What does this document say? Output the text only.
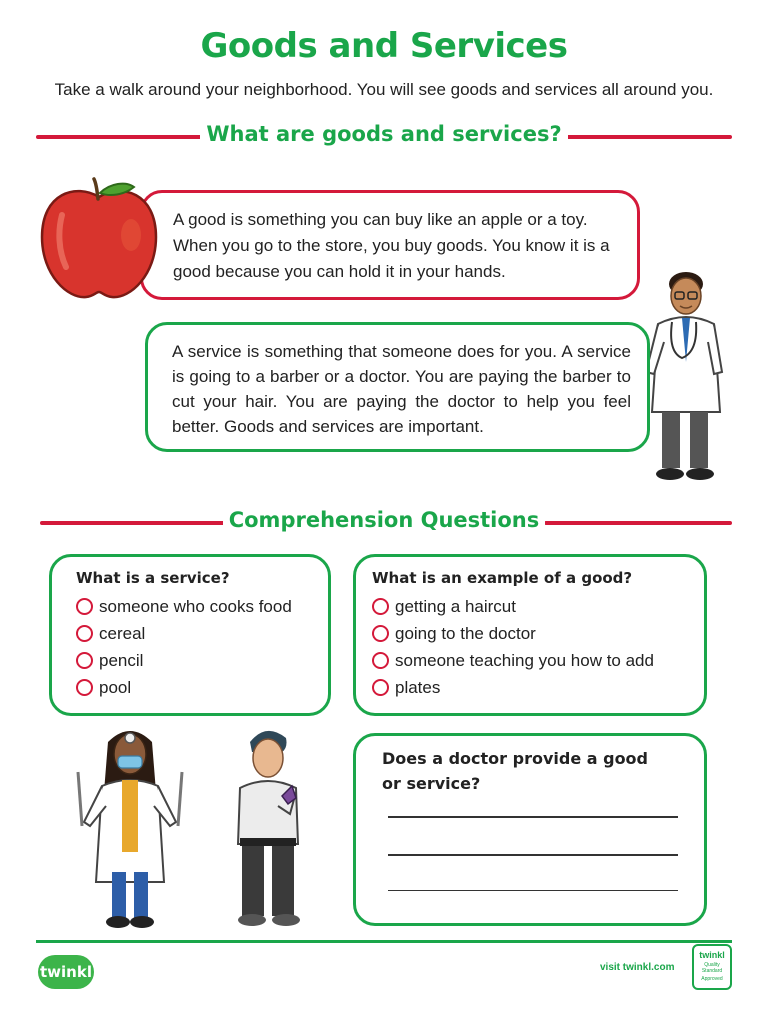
Goods and Services
Take a walk around your neighborhood. You will see goods and services all around you.
What are goods and services?

A good is something you can buy like an apple or a toy. When you go to the store, you buy goods. You know it is a good because you can hold it in your hands.

A service is something that someone does for you. A service is going to a barber or a doctor. You are paying the barber to cut your hair. You are paying the doctor to help you feel better. Goods and services are important.

Comprehension Questions
What is a service?
someone who cooks food
cereal
pencil
pool
What is an example of a good?
getting a haircut
going to the doctor
someone teaching you how to add
plates
Does a doctor provide a good or service?
twinkl	visit twinkl.com
twinkl
Quality Standard
Approved
